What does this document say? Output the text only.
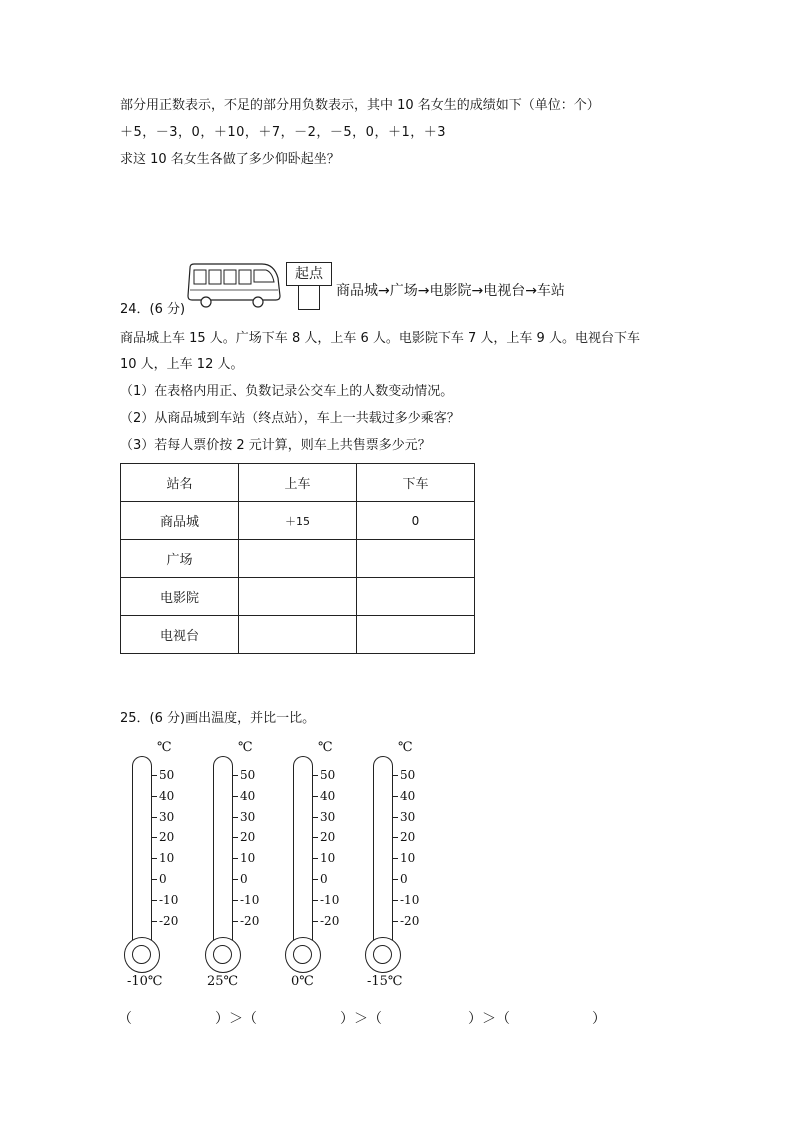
部分用正数表示，不足的部分用负数表示，其中 10 名女生的成绩如下（单位：个）
＋5，－3，0，＋10，＋7，－2，－5，0，＋1，＋3
求这 10 名女生各做了多少仰卧起坐？
起点
商品城→广场→电影院→电视台→车站
24．(6 分)
商品城上车 15 人。广场下车 8 人，上车 6 人。电影院下车 7 人，上车 9 人。电视台下车
10 人，上车 12 人。
（1）在表格内用正、负数记录公交车上的人数变动情况。
（2）从商品城到车站（终点站），车上一共载过多少乘客？
（3）若每人票价按 2 元计算，则车上共售票多少元？
站名	上车	下车
商品城	＋15	0
广场		
电影院		
电视台		
25．(6 分)画出温度，并比一比。
℃
50
40
30
20
10
0
-10
-20
-10℃
℃
50
40
30
20
10
0
-10
-20
25℃
℃
50
40
30
20
10
0
-10
-20
0℃
℃
50
40
30
20
10
0
-10
-20
-15℃
（	）＞（	）＞（	）＞（	）
